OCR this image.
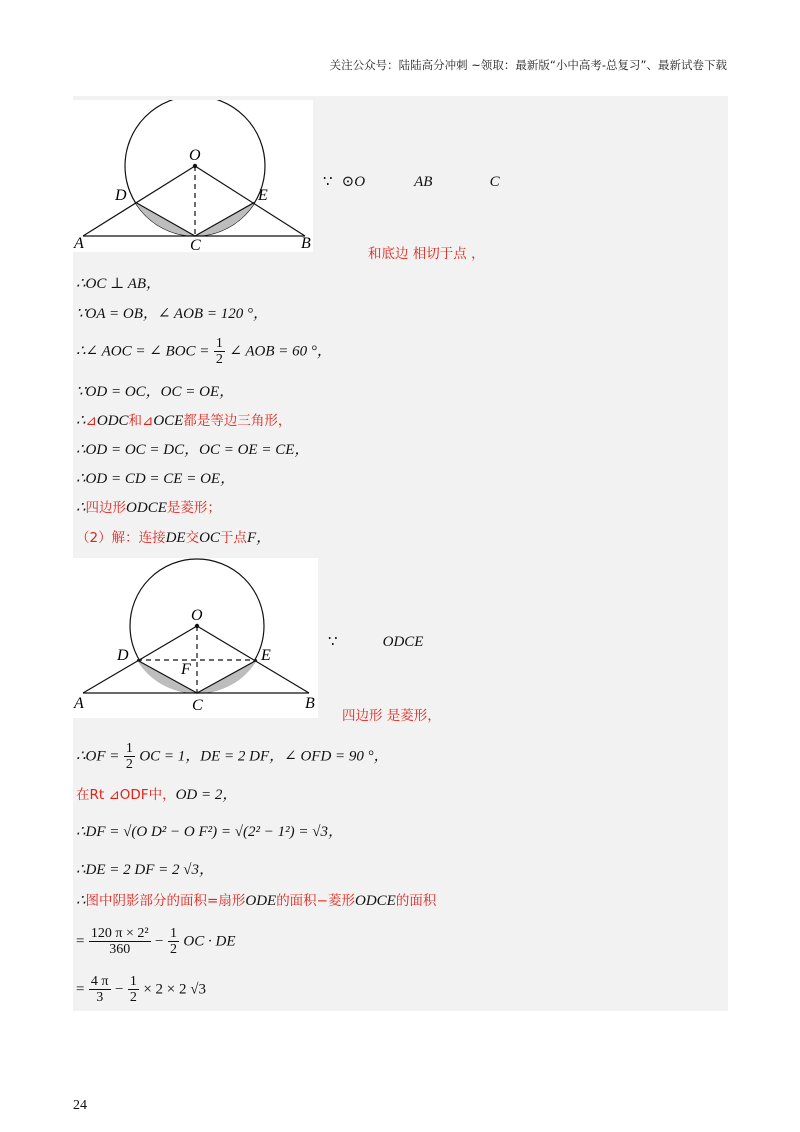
关注公众号：陆陆高分冲刺 ~领取：最新版“小中高考-总复习”、最新试卷下载
O
D	E
A	C	B
∵ ⊙O	AB	C
和底边 相切于点 ，
∴OC ⊥ AB，
∵OA = OB，∠ AOB = 120 °，
∴∠ AOC = ∠ BOC = $\frac{1}{2}$ ∠ AOB = 60 °，
∵OD = OC，OC = OE，
∴⊿ODC和⊿OCE都是等边三角形，
∴OD = OC = DC，OC = OE = CE，
∴OD = CD = CE = OE，
∴四边形ODCE是菱形；
（2）解：连接DE交OC于点F，
O
D	E
F
A	C	B
∵	ODCE
四边形 是菱形，
∴OF = $\frac{1}{2}$ OC = 1，DE = 2 DF，∠ OFD = 90 °，
在Rt ⊿ODF中，OD = 2，
∴DF = √(O D² − O F²) = √(2² − 1²) = √3，
∴DE = 2 DF = 2 √3，
∴图中阴影部分的面积=扇形ODE的面积−菱形ODCE的面积
= $\frac{\text{120 π × 2²}}{360} - \frac{1}{2}$ OC · DE
= $\frac{4 \pi}{3} - \frac{1}{2} \times 2 \times 2$ √3
24
